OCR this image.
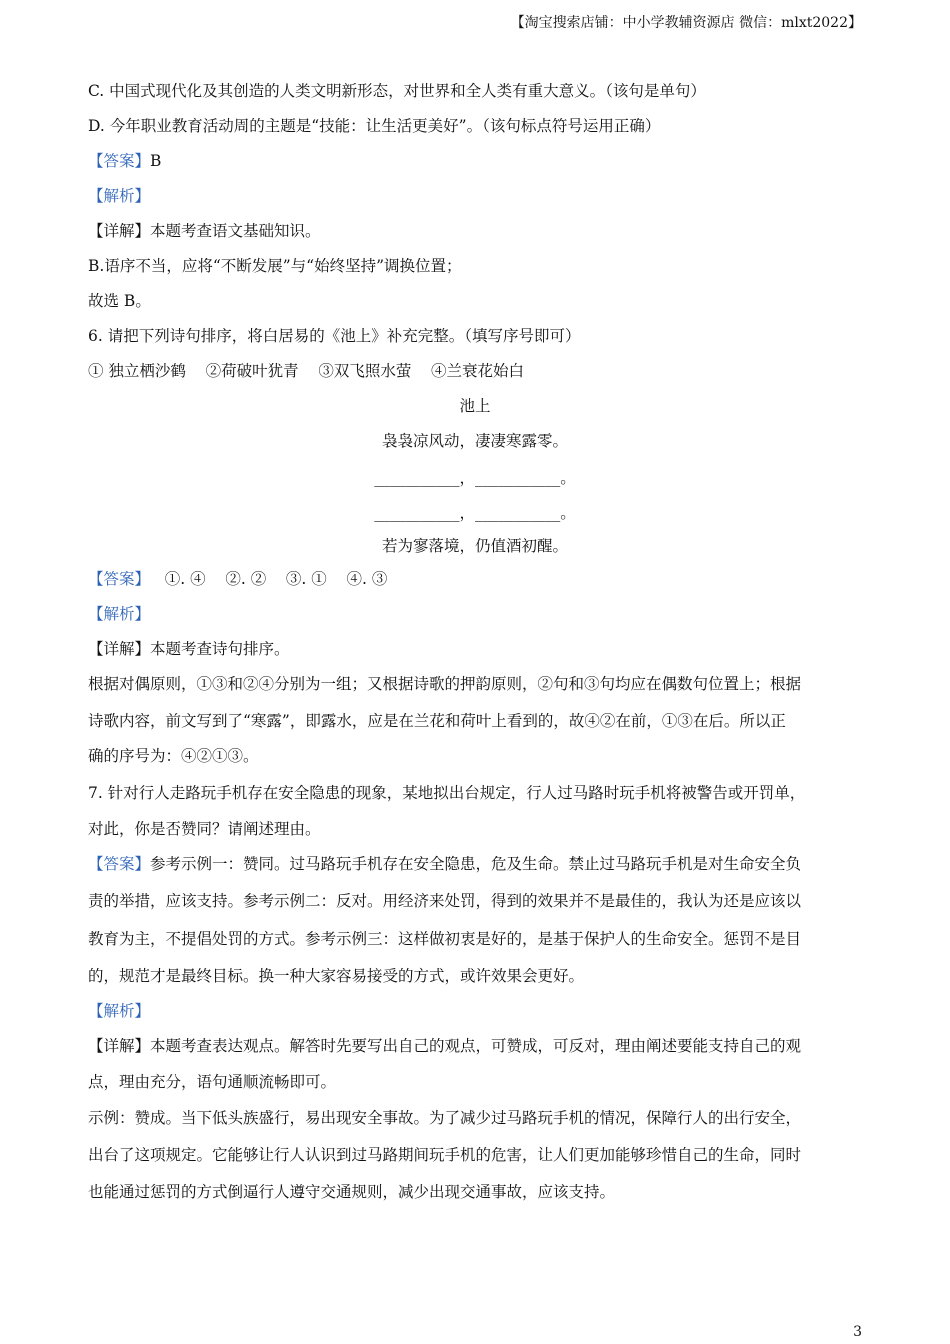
【淘宝搜索店铺：中小学教辅资源店 微信：mlxt2022】
C. 中国式现代化及其创造的人类文明新形态，对世界和全人类有重大意义。（该句是单句）
D. 今年职业教育活动周的主题是“技能：让生活更美好”。（该句标点符号运用正确）
【答案】B
【解析】
【详解】本题考查语文基础知识。
B.语序不当，应将“不断发展”与“始终坚持”调换位置；
故选 B。
6. 请把下列诗句排序，将白居易的《池上》补充完整。（填写序号即可）
① 独立栖沙鹤    ②荷破叶犹青    ③双飞照水萤    ④兰衰花始白
池上
袅袅凉风动，凄凄寒露零。
___________，___________。
___________，___________。
若为寥落境，仍值酒初醒。
【答案】   ①. ④    ②. ②    ③. ①    ④. ③
【解析】
【详解】本题考查诗句排序。
根据对偶原则，①③和②④分别为一组；又根据诗歌的押韵原则，②句和③句均应在偶数句位置上；根据
诗歌内容，前文写到了“寒露”，即露水，应是在兰花和荷叶上看到的，故④②在前，①③在后。所以正
确的序号为：④②①③。
7. 针对行人走路玩手机存在安全隐患的现象，某地拟出台规定，行人过马路时玩手机将被警告或开罚单，
对此，你是否赞同？请阐述理由。
【答案】参考示例一：赞同。过马路玩手机存在安全隐患，危及生命。禁止过马路玩手机是对生命安全负
责的举措，应该支持。参考示例二：反对。用经济来处罚，得到的效果并不是最佳的，我认为还是应该以
教育为主，不提倡处罚的方式。参考示例三：这样做初衷是好的，是基于保护人的生命安全。惩罚不是目
的，规范才是最终目标。换一种大家容易接受的方式，或许效果会更好。
【解析】
【详解】本题考查表达观点。解答时先要写出自己的观点，可赞成，可反对，理由阐述要能支持自己的观
点，理由充分，语句通顺流畅即可。
示例：赞成。当下低头族盛行，易出现安全事故。为了减少过马路玩手机的情况，保障行人的出行安全，
出台了这项规定。它能够让行人认识到过马路期间玩手机的危害，让人们更加能够珍惜自己的生命，同时
也能通过惩罚的方式倒逼行人遵守交通规则，减少出现交通事故，应该支持。
3
